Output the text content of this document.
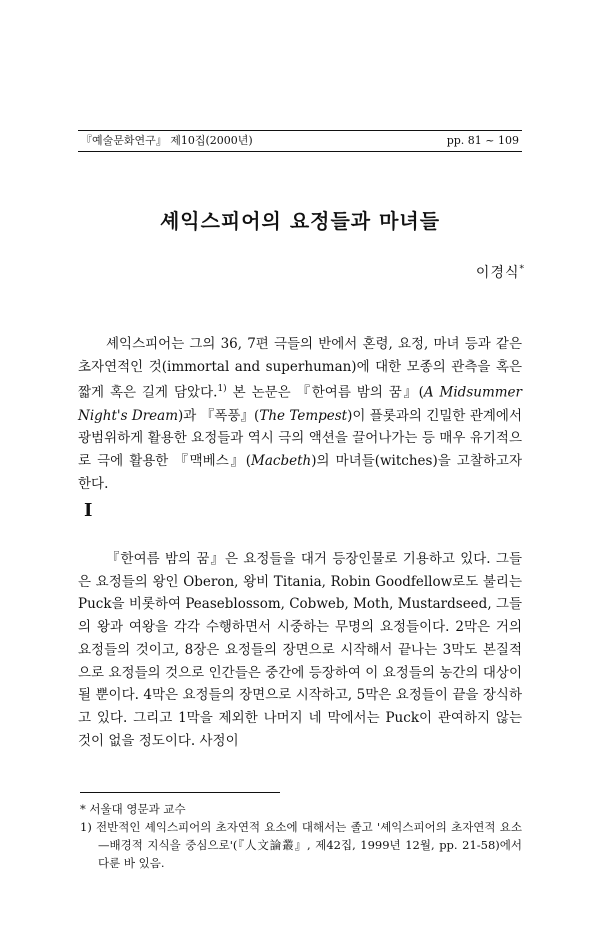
『예술문화연구』 제10집(2000년)	pp. 81 ~ 109
셰익스피어의 요정들과 마녀들
이경식*

셰익스피어는 그의 36, 7편 극들의 반에서 혼령, 요정, 마녀 등과 같은 초자연적인 것(immortal and superhuman)에 대한 모종의 관측을 혹은 짧게 혹은 길게 담았다.$^{1)}$ 본 논문은 『한여름 밤의 꿈』(A Midsummer Night's Dream)과 『폭풍』(The Tempest)이 플롯과의 긴밀한 관계에서 광범위하게 활용한 요정들과 역시 극의 액션을 끌어나가는 등 매우 유기적으로 극에 활용한 『맥베스』(Macbeth)의 마녀들(witches)을 고찰하고자 한다.

I

『한여름 밤의 꿈』은 요정들을 대거 등장인물로 기용하고 있다. 그들은 요정들의 왕인 Oberon, 왕비 Titania, Robin Goodfellow로도 불리는 Puck을 비롯하여 Peaseblossom, Cobweb, Moth, Mustardseed, 그들의 왕과 여왕을 각각 수행하면서 시중하는 무명의 요정들이다. 2막은 거의 요정들의 것이고, 8장은 요정들의 장면으로 시작해서 끝나는 3막도 본질적으로 요정들의 것으로 인간들은 중간에 등장하여 이 요정들의 농간의 대상이 될 뿐이다. 4막은 요정들의 장면으로 시작하고, 5막은 요정들이 끝을 장식하고 있다. 그리고 1막을 제외한 나머지 네 막에서는 Puck이 관여하지 않는 것이 없을 정도이다. 사정이

* 서울대 영문과 교수

1) 전반적인 셰익스피어의 초자연적 요소에 대해서는 졸고 '셰익스피어의 초자연적 요소—배경적 지식을 중심으로'(『人文論叢』, 제42집, 1999년 12월, pp. 21-58)에서 다룬 바 있음.
